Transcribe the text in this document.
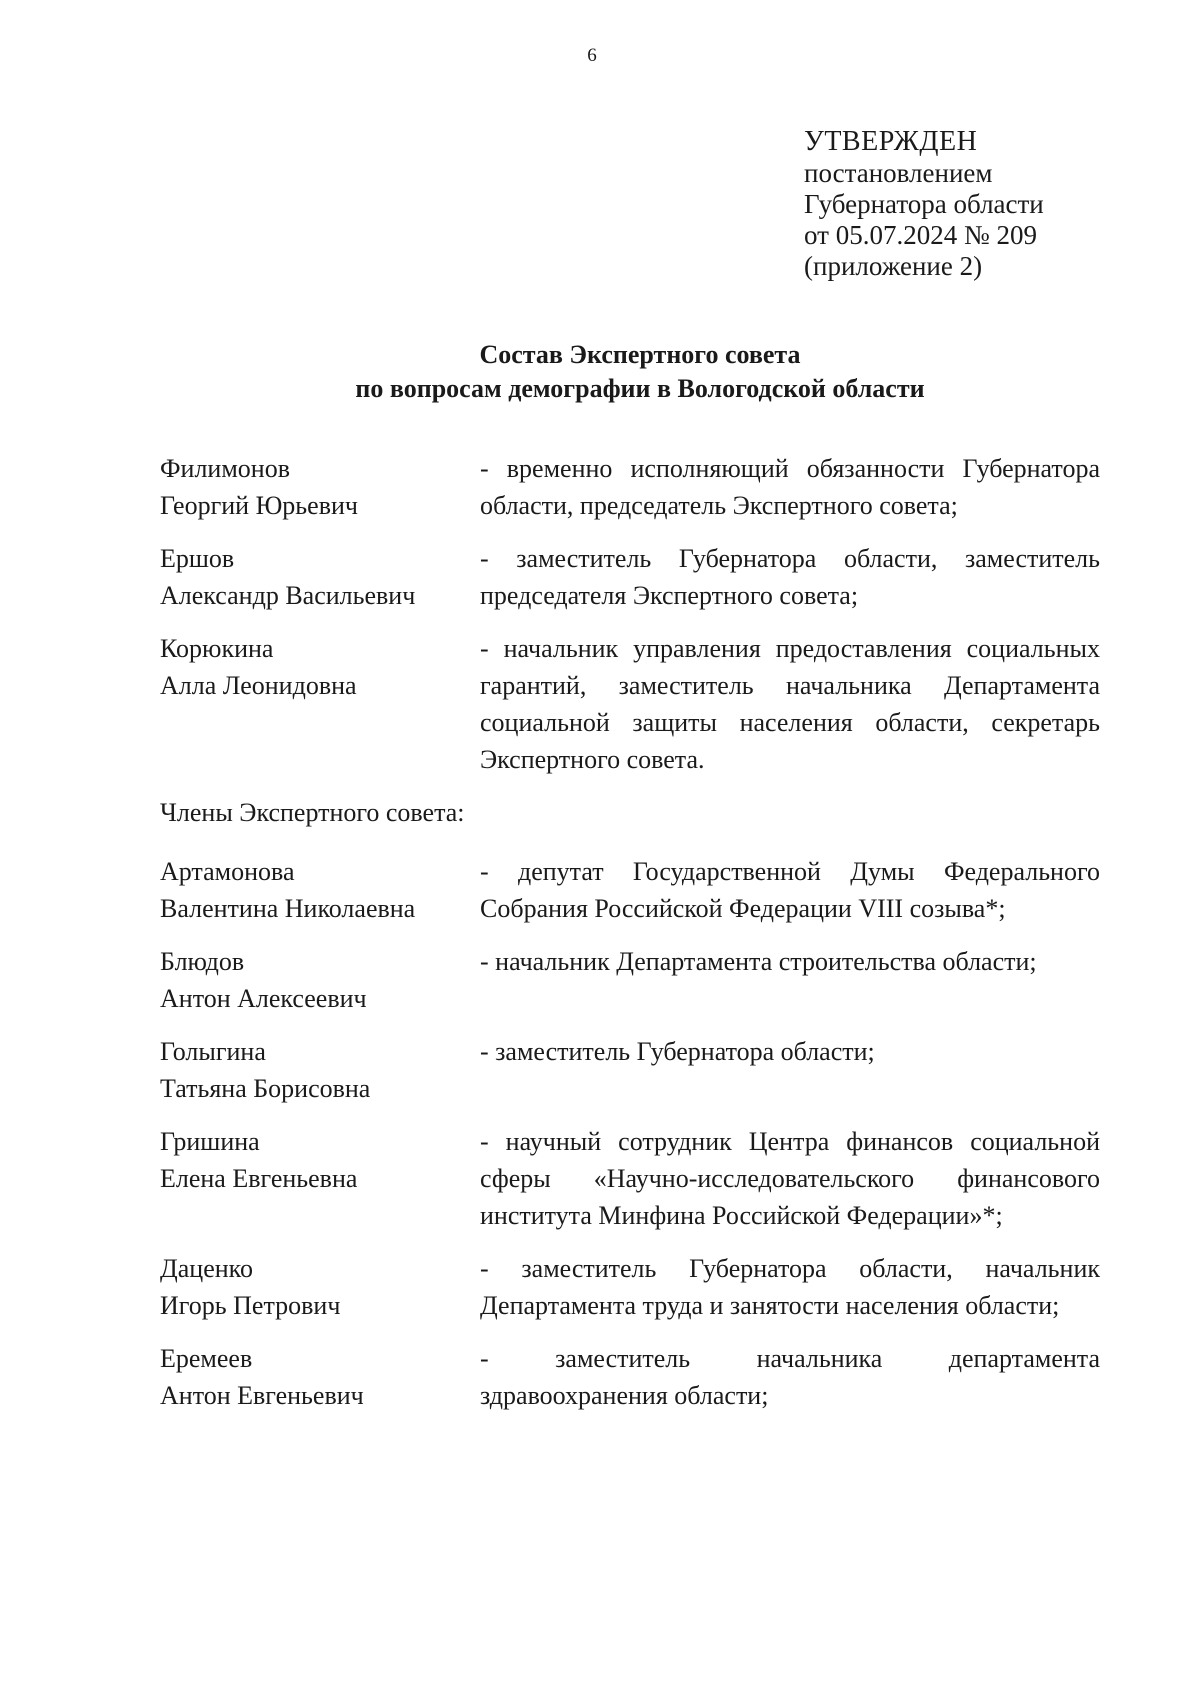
6
УТВЕРЖДЕН
постановлением
Губернатора области
от 05.07.2024 № 209
(приложение 2)
Состав Экспертного совета
по вопросам демографии в Вологодской области
Филимонов
Георгий Юрьевич
- временно исполняющий обязанности Губернатора области, председатель Экспертного совета;
Ершов
Александр Васильевич
- заместитель Губернатора области, заместитель председателя Экспертного совета;
Корюкина
Алла Леонидовна
- начальник управления предоставления социальных гарантий, заместитель начальника Департамента социальной защиты населения области, секретарь Экспертного совета.
Члены Экспертного совета:
Артамонова
Валентина Николаевна
- депутат Государственной Думы Федерального Собрания Российской Федерации VIII созыва*;
Блюдов
Антон Алексеевич
- начальник Департамента строительства области;
Голыгина
Татьяна Борисовна
- заместитель Губернатора области;
Гришина
Елена Евгеньевна
- научный сотрудник Центра финансов социальной сферы «Научно-исследовательского финансового института Минфина Российской Федерации»*;
Даценко
Игорь Петрович
- заместитель Губернатора области, начальник Департамента труда и занятости населения области;
Еремеев
Антон Евгеньевич
- заместитель начальника департамента здравоохранения области;
